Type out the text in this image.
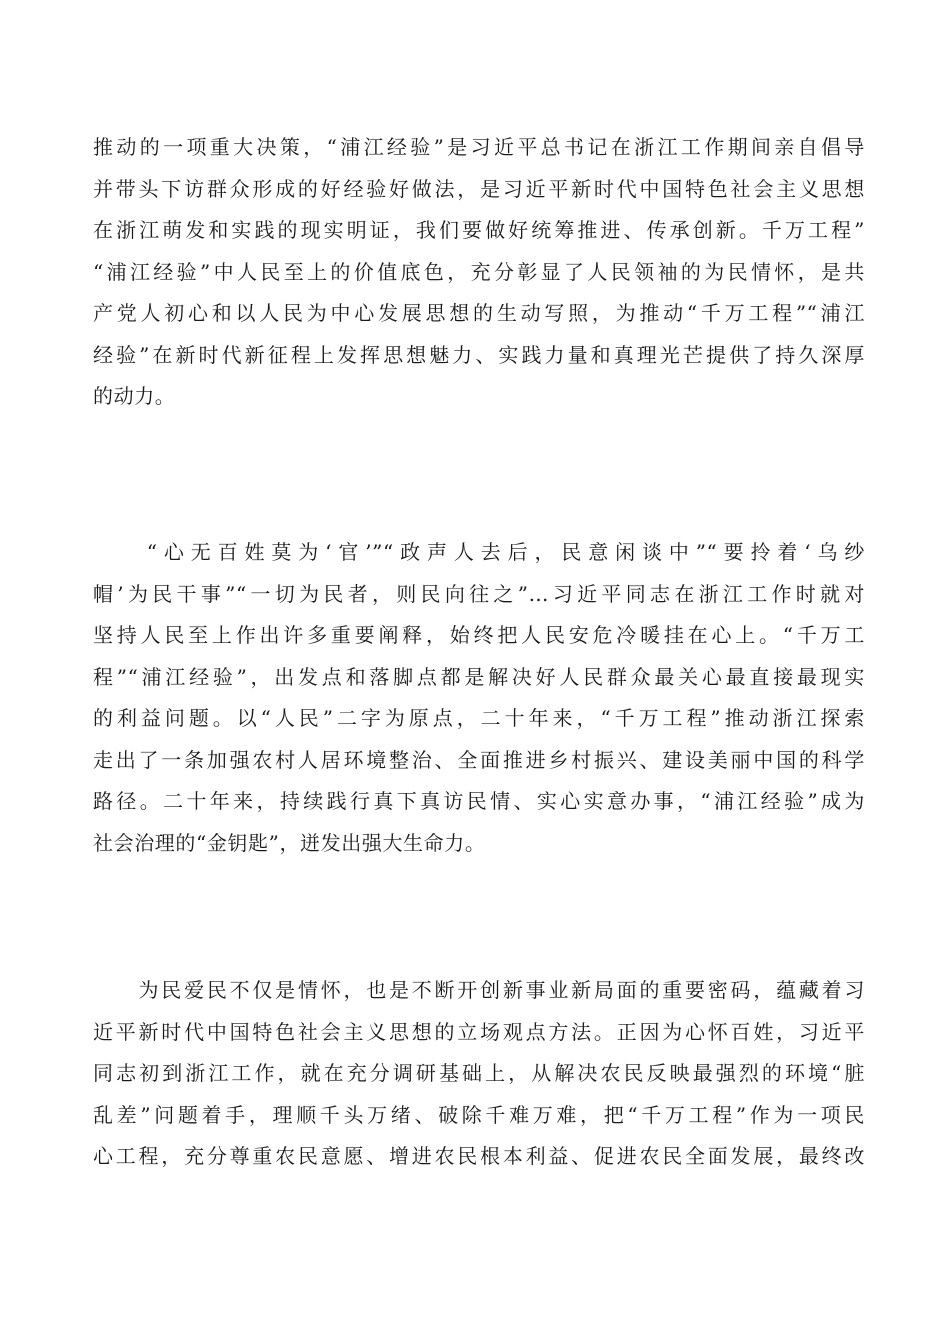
推动的一项重大决策，“浦江经验”是习近平总书记在浙江工作期间亲自倡导
并带头下访群众形成的好经验好做法，是习近平新时代中国特色社会主义思想
在浙江萌发和实践的现实明证，我们要做好统筹推进、传承创新。千万工程”
“浦江经验”中人民至上的价值底色，充分彰显了人民领袖的为民情怀，是共
产党人初心和以人民为中心发展思想的生动写照，为推动“千万工程”“浦江
经验”在新时代新征程上发挥思想魅力、实践力量和真理光芒提供了持久深厚
的动力。

　　“心无百姓莫为‘官’”“政声人去后，民意闲谈中”“要拎着‘乌纱
帽’为民干事”“一切为民者，则民向往之”…习近平同志在浙江工作时就对
坚持人民至上作出许多重要阐释，始终把人民安危冷暖挂在心上。“千万工
程”“浦江经验”，出发点和落脚点都是解决好人民群众最关心最直接最现实
的利益问题。以“人民”二字为原点，二十年来，“千万工程”推动浙江探索
走出了一条加强农村人居环境整治、全面推进乡村振兴、建设美丽中国的科学
路径。二十年来，持续践行真下真访民情、实心实意办事，“浦江经验”成为
社会治理的“金钥匙”，迸发出强大生命力。

　　为民爱民不仅是情怀，也是不断开创新事业新局面的重要密码，蕴藏着习
近平新时代中国特色社会主义思想的立场观点方法。正因为心怀百姓，习近平
同志初到浙江工作，就在充分调研基础上，从解决农民反映最强烈的环境“脏
乱差”问题着手，理顺千头万绪、破除千难万难，把“千万工程”作为一项民
心工程，充分尊重农民意愿、增进农民根本利益、促进农民全面发展，最终改
